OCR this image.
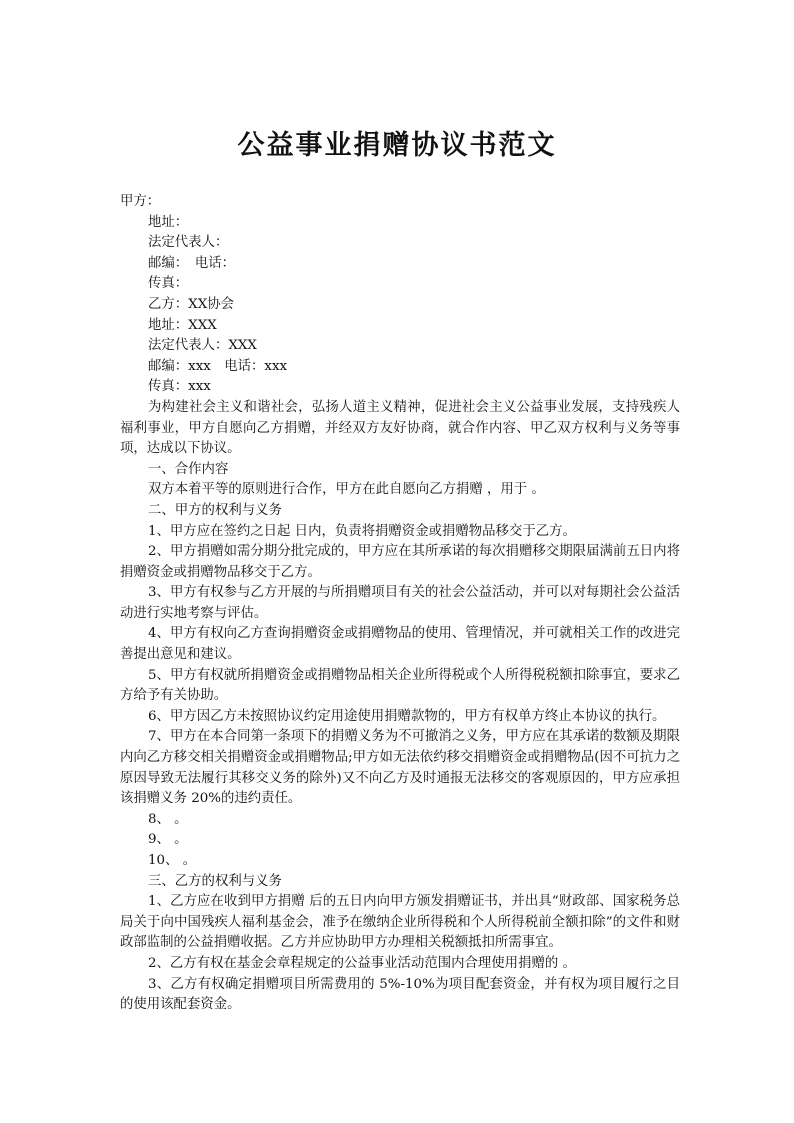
公益事业捐赠协议书范文
甲方：
地址：
法定代表人：
邮编：　电话：
传真：
乙方：XX协会
地址：XXX
法定代表人：XXX
邮编：xxx　电话：xxx
传真：xxx
为构建社会主义和谐社会，弘扬人道主义精神，促进社会主义公益事业发展，支持残疾人福利事业，甲方自愿向乙方捐赠，并经双方友好协商，就合作内容、甲乙双方权利与义务等事项，达成以下协议。
一、合作内容
双方本着平等的原则进行合作，甲方在此自愿向乙方捐赠 ，用于 。
二、甲方的权利与义务
1、甲方应在签约之日起 日内，负责将捐赠资金或捐赠物品移交于乙方。
2、甲方捐赠如需分期分批完成的，甲方应在其所承诺的每次捐赠移交期限届满前五日内将捐赠资金或捐赠物品移交于乙方。
3、甲方有权参与乙方开展的与所捐赠项目有关的社会公益活动，并可以对每期社会公益活动进行实地考察与评估。
4、甲方有权向乙方查询捐赠资金或捐赠物品的使用、管理情况，并可就相关工作的改进完善提出意见和建议。
5、甲方有权就所捐赠资金或捐赠物品相关企业所得税或个人所得税税额扣除事宜，要求乙方给予有关协助。
6、甲方因乙方未按照协议约定用途使用捐赠款物的，甲方有权单方终止本协议的执行。
7、甲方在本合同第一条项下的捐赠义务为不可撤消之义务，甲方应在其承诺的数额及期限内向乙方移交相关捐赠资金或捐赠物品;甲方如无法依约移交捐赠资金或捐赠物品(因不可抗力之原因导致无法履行其移交义务的除外)又不向乙方及时通报无法移交的客观原因的，甲方应承担该捐赠义务 20%的违约责任。
8、 。
9、 。
10、 。
三、乙方的权利与义务
1、乙方应在收到甲方捐赠 后的五日内向甲方颁发捐赠证书，并出具“财政部、国家税务总局关于向中国残疾人福利基金会，准予在缴纳企业所得税和个人所得税前全额扣除”的文件和财政部监制的公益捐赠收据。乙方并应协助甲方办理相关税额抵扣所需事宜。
2、乙方有权在基金会章程规定的公益事业活动范围内合理使用捐赠的 。
3、乙方有权确定捐赠项目所需费用的 5%-10%为项目配套资金，并有权为项目履行之目的使用该配套资金。
